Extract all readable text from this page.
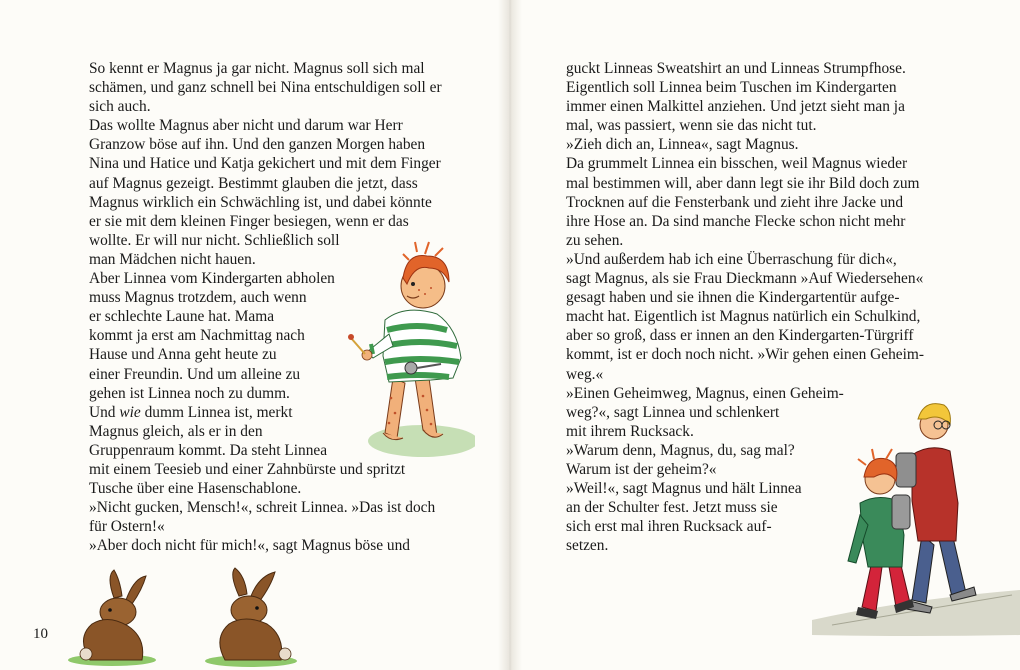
So kennt er Magnus ja gar nicht. Magnus soll sich mal
schämen, und ganz schnell bei Nina entschuldigen soll er
sich auch.
Das wollte Magnus aber nicht und darum war Herr
Granzow böse auf ihn. Und den ganzen Morgen haben
Nina und Hatice und Katja gekichert und mit dem Finger
auf Magnus gezeigt. Bestimmt glauben die jetzt, dass
Magnus wirklich ein Schwächling ist, und dabei könnte
er sie mit dem kleinen Finger besiegen, wenn er das
wollte. Er will nur nicht. Schließlich soll
man Mädchen nicht hauen.
Aber Linnea vom Kindergarten abholen
muss Magnus trotzdem, auch wenn
er schlechte Laune hat. Mama
kommt ja erst am Nachmittag nach
Hause und Anna geht heute zu
einer Freundin. Und um alleine zu
gehen ist Linnea noch zu dumm.
Und wie dumm Linnea ist, merkt
Magnus gleich, als er in den
Gruppenraum kommt. Da steht Linnea
mit einem Teesieb und einer Zahnbürste und spritzt
Tusche über eine Hasenschablone.
»Nicht gucken, Mensch!«, schreit Linnea. »Das ist doch
für Ostern!«
»Aber doch nicht für mich!«, sagt Magnus böse und
10
guckt Linneas Sweatshirt an und Linneas Strumpfhose.
Eigentlich soll Linnea beim Tuschen im Kindergarten
immer einen Malkittel anziehen. Und jetzt sieht man ja
mal, was passiert, wenn sie das nicht tut.
»Zieh dich an, Linnea«, sagt Magnus.
Da grummelt Linnea ein bisschen, weil Magnus wieder
mal bestimmen will, aber dann legt sie ihr Bild doch zum
Trocknen auf die Fensterbank und zieht ihre Jacke und
ihre Hose an. Da sind manche Flecke schon nicht mehr
zu sehen.
»Und außerdem hab ich eine Überraschung für dich«,
sagt Magnus, als sie Frau Dieckmann »Auf Wiedersehen«
gesagt haben und sie ihnen die Kindergartentür aufge-
macht hat. Eigentlich ist Magnus natürlich ein Schulkind,
aber so groß, dass er innen an den Kindergarten-Türgriff
kommt, ist er doch noch nicht. »Wir gehen einen Geheim-
weg.«
»Einen Geheimweg, Magnus, einen Geheim-
weg?«, sagt Linnea und schlenkert
mit ihrem Rucksack.
»Warum denn, Magnus, du, sag mal?
Warum ist der geheim?«
»Weil!«, sagt Magnus und hält Linnea
an der Schulter fest. Jetzt muss sie
sich erst mal ihren Rucksack auf-
setzen.
